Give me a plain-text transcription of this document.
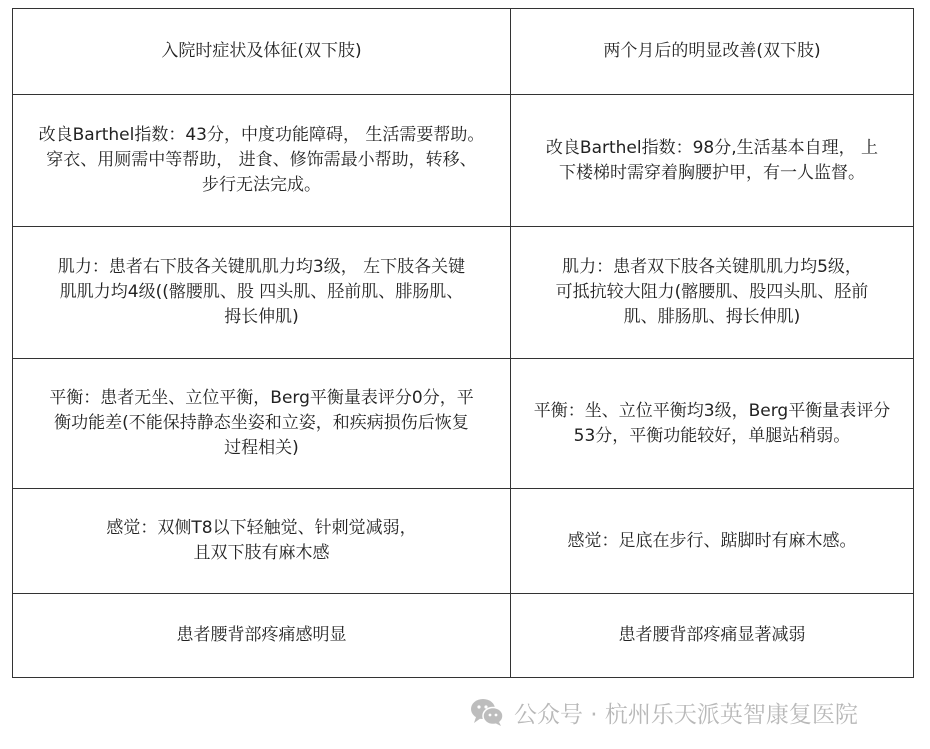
入院时症状及体征(双下肢)	两个月后的明显改善(双下肢)

改良Barthel指数：43分，中度功能障碍， 生活需要帮助。
穿衣、用厕需中等帮助， 进食、修饰需最小帮助，转移、
步行无法完成。	改良Barthel指数：98分,生活基本自理， 上
下楼梯时需穿着胸腰护甲，有一人监督。

肌力：患者右下肢各关键肌肌力均3级， 左下肢各关键
肌肌力均4级((髂腰肌、股 四头肌、胫前肌、腓肠肌、
拇长伸肌)	肌力：患者双下肢各关键肌肌力均5级，
可抵抗较大阻力(髂腰肌、股四头肌、胫前
肌、腓肠肌、拇长伸肌)

平衡：患者无坐、立位平衡，Berg平衡量表评分0分，平
衡功能差(不能保持静态坐姿和立姿，和疾病损伤后恢复
过程相关)	平衡：坐、立位平衡均3级，Berg平衡量表评分
53分，平衡功能较好，单腿站稍弱。

感觉：双侧T8以下轻触觉、针刺觉减弱，
且双下肢有麻木感	感觉：足底在步行、踮脚时有麻木感。

患者腰背部疼痛感明显	患者腰背部疼痛显著减弱
公众号 · 杭州乐天派英智康复医院
